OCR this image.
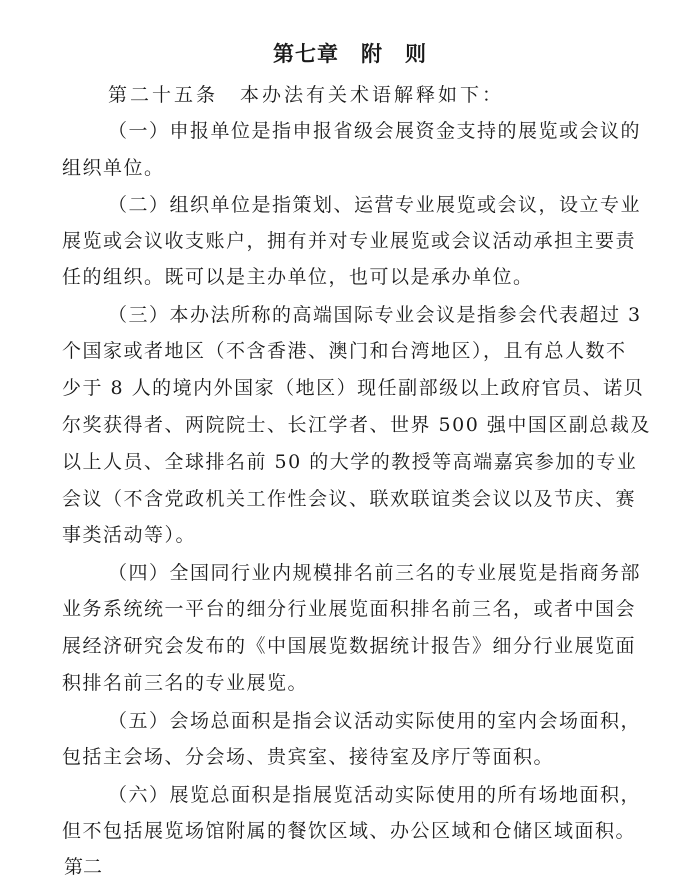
第七章　附　则
第二十五条　本办法有关术语解释如下：
（一）申报单位是指申报省级会展资金支持的展览或会议的
组织单位。
（二）组织单位是指策划、运营专业展览或会议，设立专业
展览或会议收支账户，拥有并对专业展览或会议活动承担主要责
任的组织。既可以是主办单位，也可以是承办单位。
（三）本办法所称的高端国际专业会议是指参会代表超过 3
个国家或者地区（不含香港、澳门和台湾地区），且有总人数不
少于 8 人的境内外国家（地区）现任副部级以上政府官员、诺贝
尔奖获得者、两院院士、长江学者、世界 500 强中国区副总裁及
以上人员、全球排名前 50 的大学的教授等高端嘉宾参加的专业
会议（不含党政机关工作性会议、联欢联谊类会议以及节庆、赛
事类活动等）。
（四）全国同行业内规模排名前三名的专业展览是指商务部
业务系统统一平台的细分行业展览面积排名前三名，或者中国会
展经济研究会发布的《中国展览数据统计报告》细分行业展览面
积排名前三名的专业展览。
（五）会场总面积是指会议活动实际使用的室内会场面积，
包括主会场、分会场、贵宾室、接待室及序厅等面积。
（六）展览总面积是指展览活动实际使用的所有场地面积，
但不包括展览场馆附属的餐饮区域、办公区域和仓储区域面积。
第二
